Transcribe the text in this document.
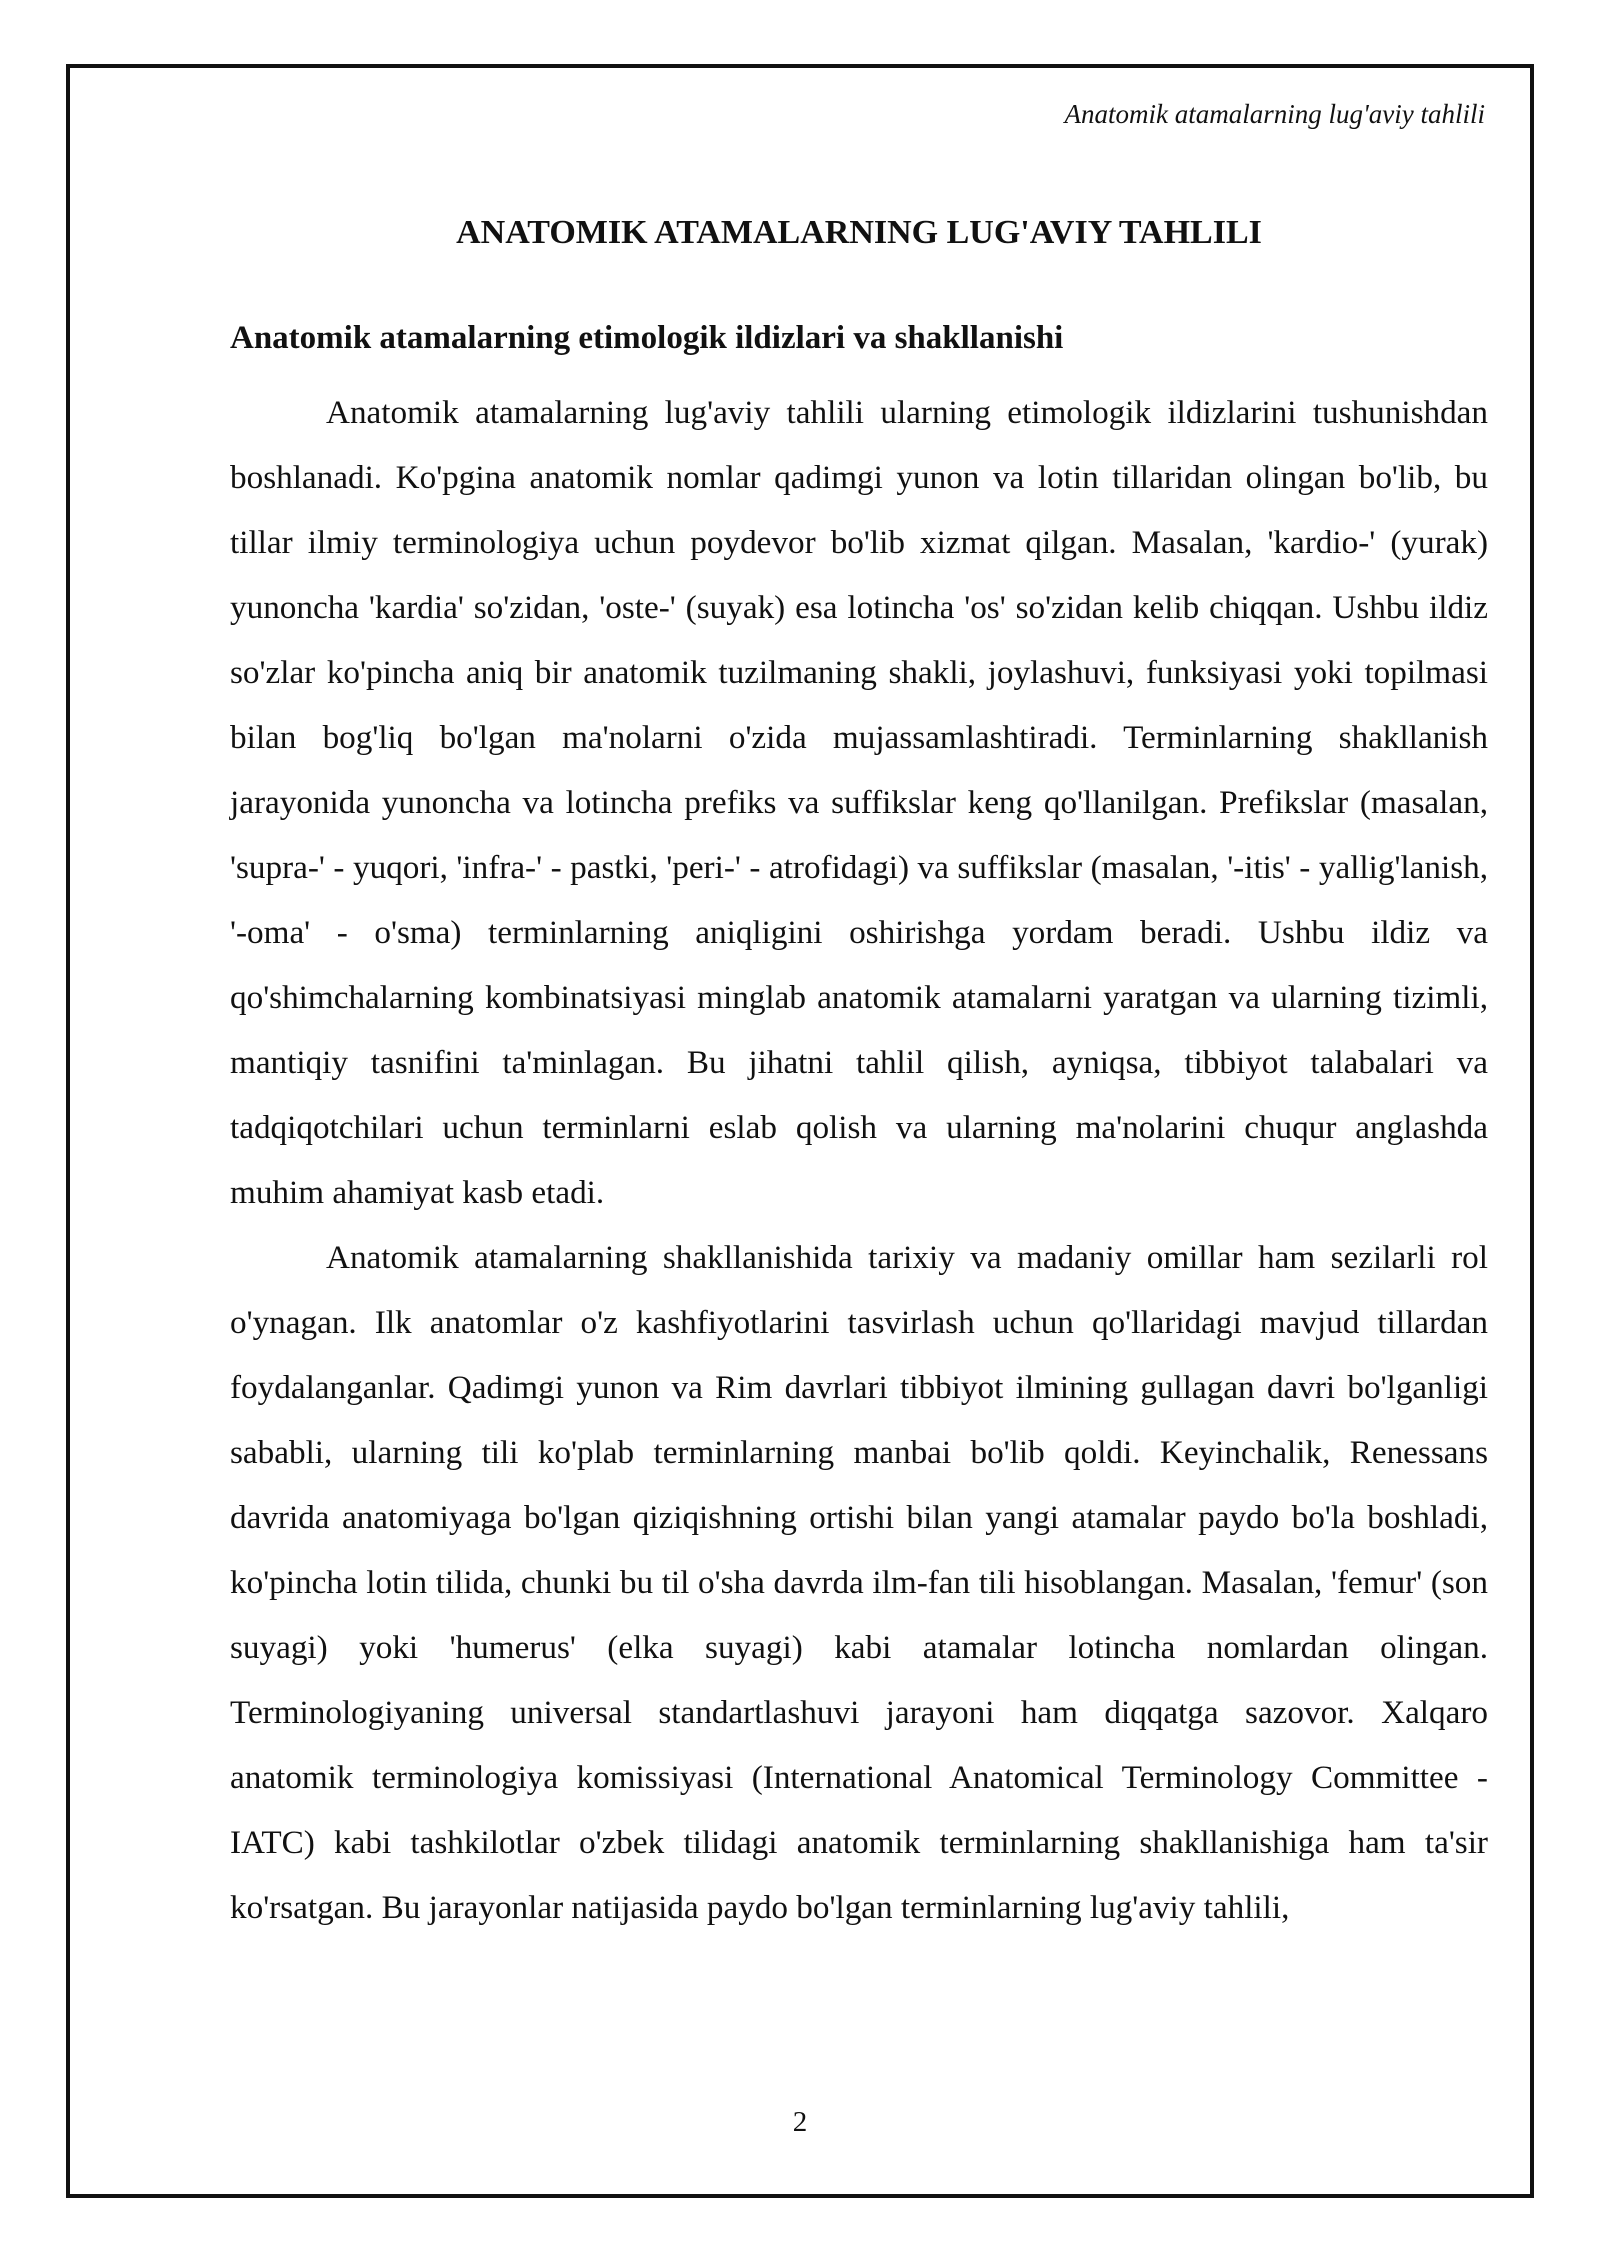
Anatomik atamalarning lug'aviy tahlili
ANATOMIK ATAMALARNING LUG'AVIY TAHLILI
Anatomik atamalarning etimologik ildizlari va shakllanishi

Anatomik atamalarning lug'aviy tahlili ularning etimologik ildizlarini tushunishdan boshlanadi. Ko'pgina anatomik nomlar qadimgi yunon va lotin tillaridan olingan bo'lib, bu tillar ilmiy terminologiya uchun poydevor bo'lib xizmat qilgan. Masalan, 'kardio-' (yurak) yunoncha 'kardia' so'zidan, 'oste-' (suyak) esa lotincha 'os' so'zidan kelib chiqqan. Ushbu ildiz so'zlar ko'pincha aniq bir anatomik tuzilmaning shakli, joylashuvi, funksiyasi yoki topilmasi bilan bog'liq bo'lgan ma'nolarni o'zida mujassamlashtiradi. Terminlarning shakllanish jarayonida yunoncha va lotincha prefiks va suffikslar keng qo'llanilgan. Prefikslar (masalan, 'supra-' - yuqori, 'infra-' - pastki, 'peri-' - atrofidagi) va suffikslar (masalan, '-itis' - yallig'lanish, '-oma' - o'sma) terminlarning aniqligini oshirishga yordam beradi. Ushbu ildiz va qo'shimchalarning kombinatsiyasi minglab anatomik atamalarni yaratgan va ularning tizimli, mantiqiy tasnifini ta'minlagan. Bu jihatni tahlil qilish, ayniqsa, tibbiyot talabalari va tadqiqotchilari uchun terminlarni eslab qolish va ularning ma'nolarini chuqur anglashda muhim ahamiyat kasb etadi.

Anatomik atamalarning shakllanishida tarixiy va madaniy omillar ham sezilarli rol o'ynagan. Ilk anatomlar o'z kashfiyotlarini tasvirlash uchun qo'llaridagi mavjud tillardan foydalanganlar. Qadimgi yunon va Rim davrlari tibbiyot ilmining gullagan davri bo'lganligi sababli, ularning tili ko'plab terminlarning manbai bo'lib qoldi. Keyinchalik, Renessans davrida anatomiyaga bo'lgan qiziqishning ortishi bilan yangi atamalar paydo bo'la boshladi, ko'pincha lotin tilida, chunki bu til o'sha davrda ilm-fan tili hisoblangan. Masalan, 'femur' (son suyagi) yoki 'humerus' (elka suyagi) kabi atamalar lotincha nomlardan olingan. Terminologiyaning universal standartlashuvi jarayoni ham diqqatga sazovor. Xalqaro anatomik terminologiya komissiyasi (International Anatomical Terminology Committee - IATC) kabi tashkilotlar o'zbek tilidagi anatomik terminlarning shakllanishiga ham ta'sir ko'rsatgan. Bu jarayonlar natijasida paydo bo'lgan terminlarning lug'aviy tahlili,

2
